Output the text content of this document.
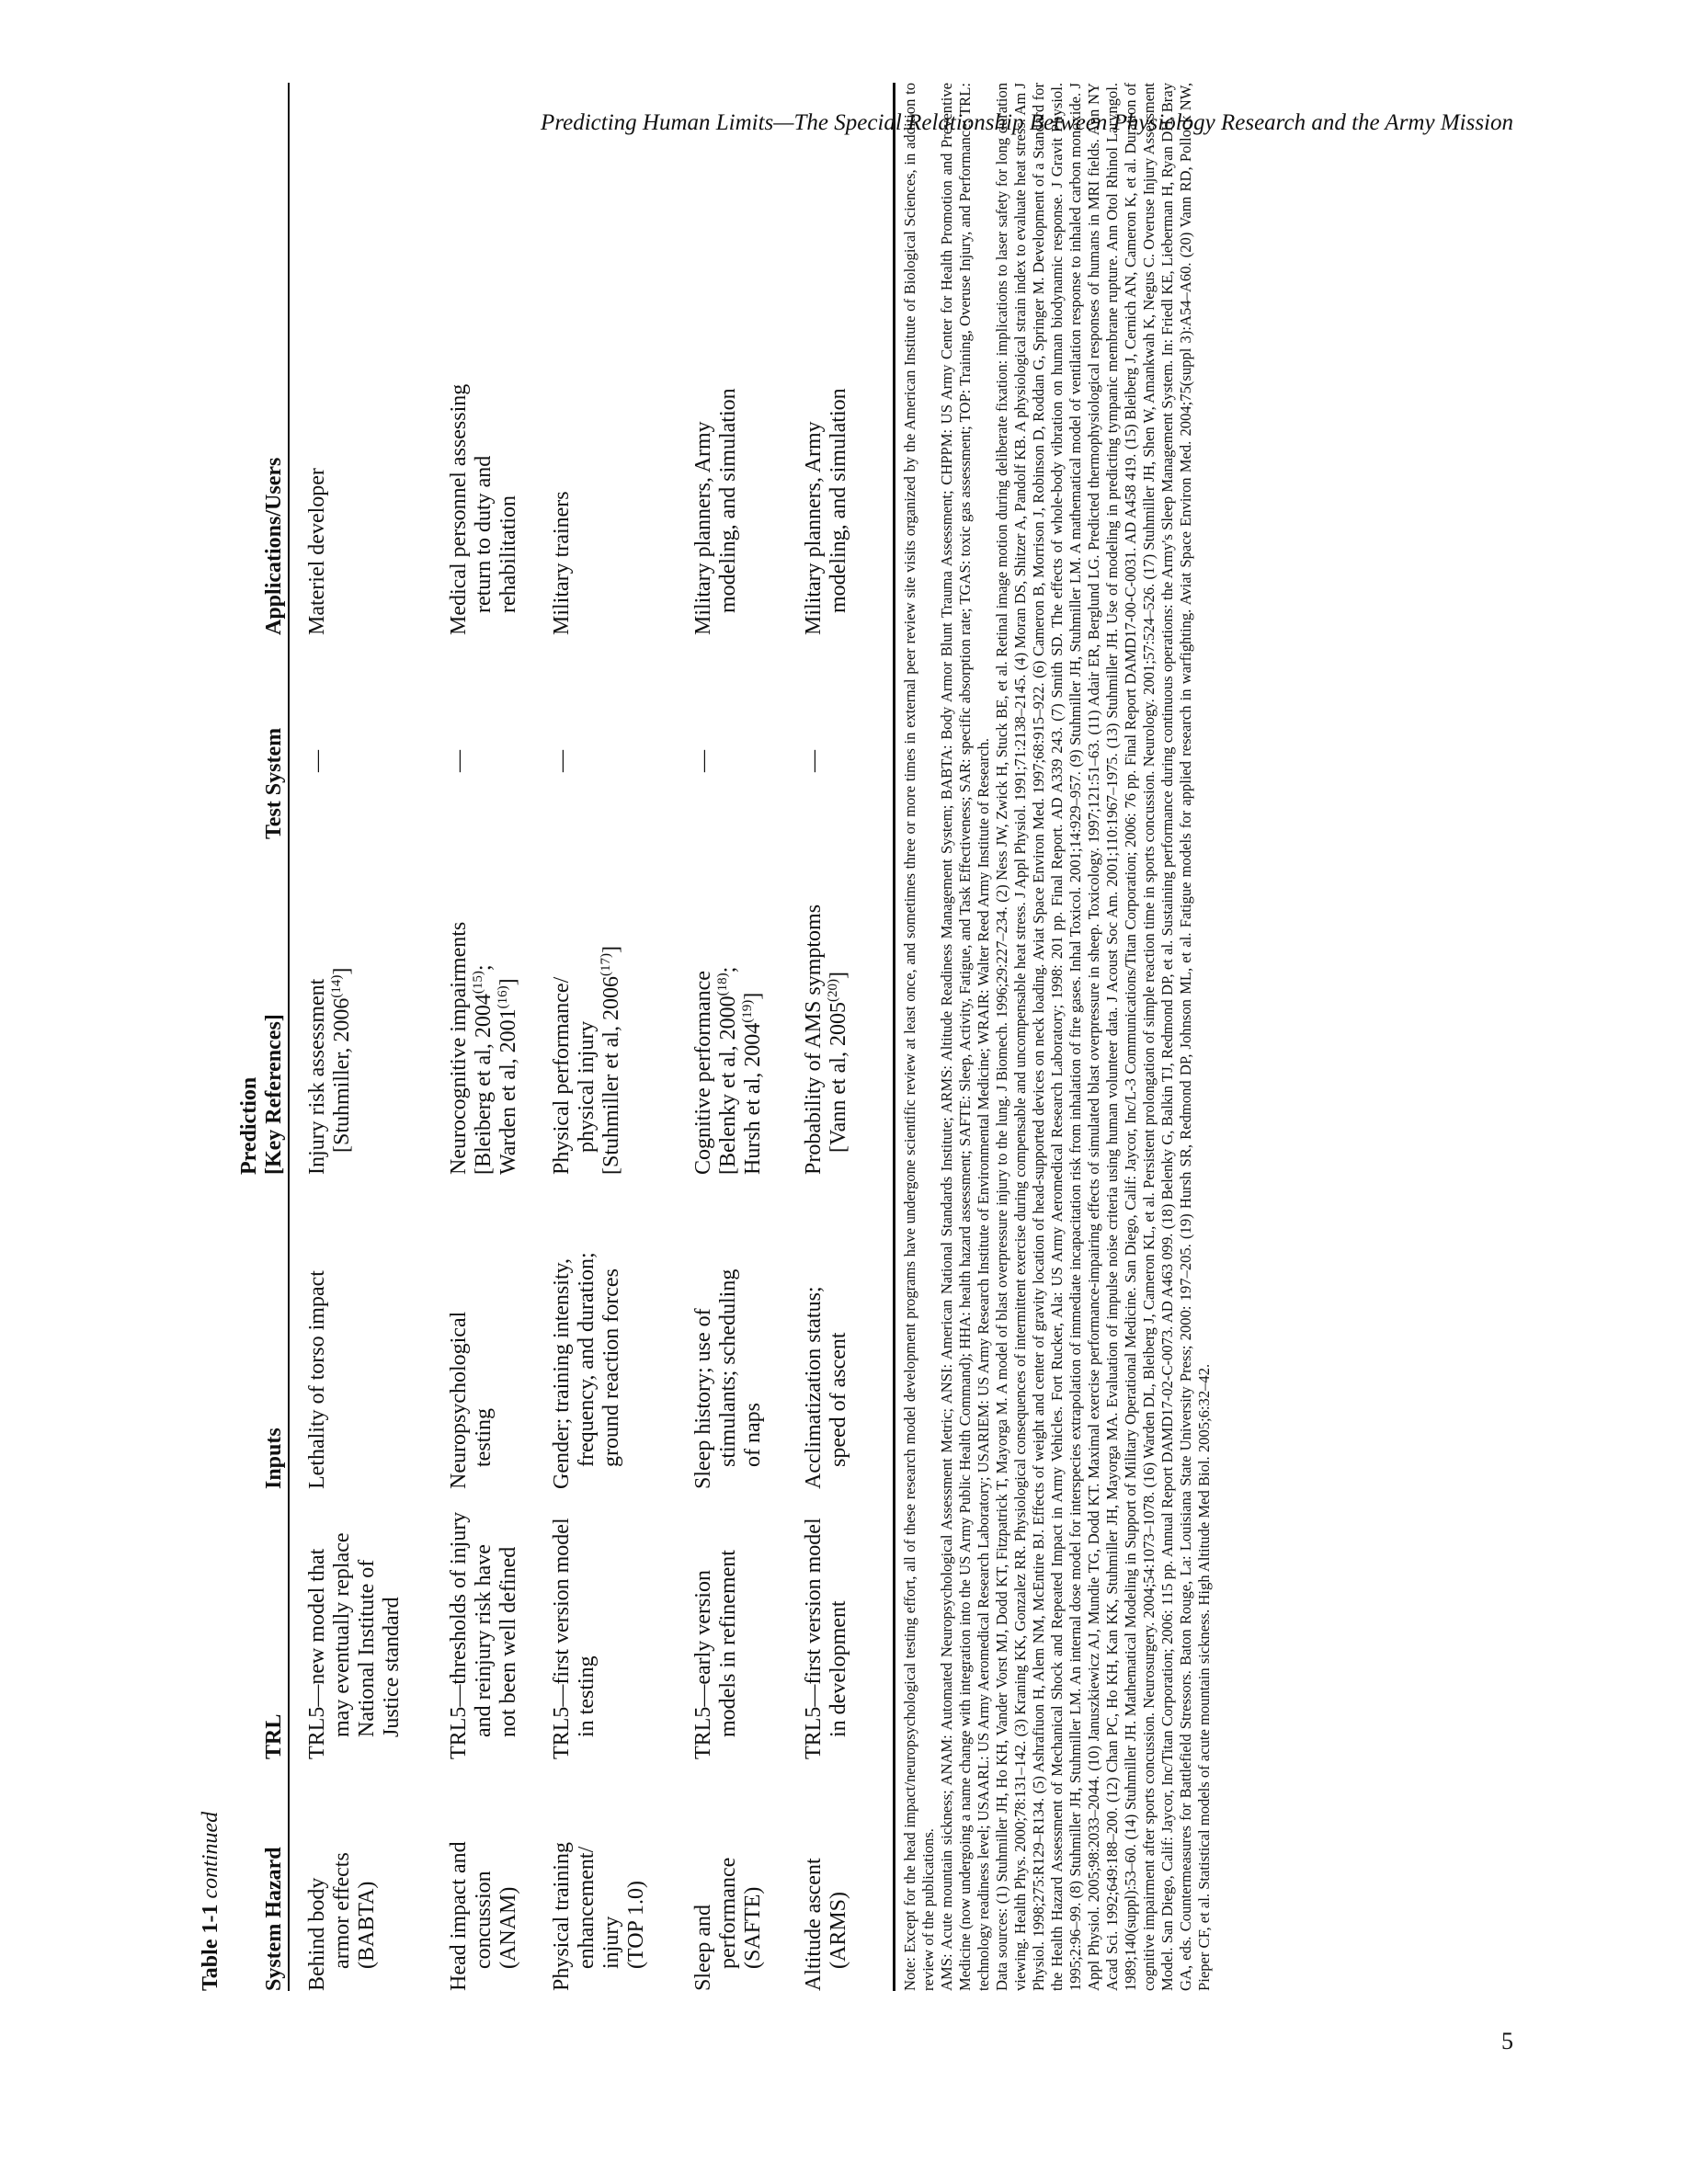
Predicting Human Limits—The Special Relationship Between Physiology Research and the Army Mission
Table 1-1 continued System Hazard
TRL
Inputs
Prediction [Key References]
Test System
Applications/Users
Behind body armor effects (BABTA)
TRL5—new model that may eventually replace National Institute of Justice standard
Lethality of torso impact
Injury risk assessment [Stuhmiller, 2006$^{(14)}$]
—
Materiel developer
Head impact and concussion (ANAM)
TRL5—thresholds of injury and reinjury risk have not been well defined
Neuropsychological testing
Neurocognitive impairments [Bleiberg et al, 2004$^{(15)}$;
Warden et al, 2001$^{(16)}$]
—
Medical personnel assessing return to duty and rehabilitation
Physical training enhancement/ injury (TOP 1.0)
TRL5—first version model in testing
Gender; training intensity, frequency, and duration; ground reaction forces
Physical performance/ physical injury [Stuhmiller et al, 2006$^{(17)}$]
—
Military trainers
Sleep and performance (SAFTE)
TRL5—early version models in refinement
Sleep history; use of stimulants; scheduling of naps
Cognitive performance [Belenky et al, 2000$^{(18)}$;
Hursh et al, 2004$^{(19)}$]
—
Military planners, Army modeling, and simulation
Altitude ascent (ARMS)
TRL5—first version model in development
Acclimatization status; speed of ascent
Probability of AMS symptoms [Vann et al, 2005$^{(20)}$]
—
Military planners, Army modeling, and simulation	Note: Except for the head impact/neuropsychological testing effort, all of these research model development programs have undergone scientific review at least once, and sometimes three or more times in external peer review site visits organized by the American Institute of Biological Sciences, in addition to review of the publications. AMS: Acute mountain sickness; ANAM: Automated Neuropsychological Assessment Metric; ANSI: American National Standards Institute; ARMS: Altitude Readiness Management System; BABTA: Body Armor Blunt Trauma Assessment; CHPPM: US Army Center for Health Promotion and Preventive Medicine (now undergoing a name change with integration into the US Army Public Health Command); HHA: health hazard assessment; SAFTE: Sleep, Activity, Fatigue, and Task Effectiveness; SAR: specific absorption rate; TGAS: toxic gas assessment; TOP: Training, Overuse Injury, and Performance; TRL: technology readiness level; USAARL: US Army Aeromedical Research Laboratory; USARIEM: US Army Research Institute of Environmental Medicine; WRAIR: Walter Reed Army Institute of Research. Data sources: (1) Stuhmiller JH, Ho KH, Vander Vorst MJ, Dodd KT, Fitzpatrick T, Mayorga M. A model of blast overpressure injury to the lung. J Biomech. 1996;29:227–234. (2) Ness JW, Zwick H, Stuck BE, et al. Retinal image motion during deliberate fixation: implications to laser safety for long duration viewing. Health Phys. 2000;78:131–142. (3) Kraning KK, Gonzalez RR. Physiological consequences of intermittent exercise during compensable and uncompensable heat stress. J Appl Physiol. 1991;71:2138–2145. (4) Moran DS, Shitzer A, Pandolf KB. A physiological strain index to evaluate heat stress. Am J Physiol. 1998;275:R129–R134. (5) Ashrafiuon H, Alem NM, McEntire BJ. Effects of weight and center of gravity location of head-supported devices on neck loading. Aviat Space Environ Med. 1997;68:915–922. (6) Cameron B, Morrison J, Robinson D, Roddan G, Springer M. Development of a Standard for the Health Hazard Assessment of Mechanical Shock and Repeated Impact in Army Vehicles. Fort Rucker, Ala: US Army Aeromedical Research Laboratory; 1998: 201 pp. Final Report. AD A339 243. (7) Smith SD. The effects of whole-body vibration on human biodynamic response. J Gravit Physiol. 1995;2:96–99. (8) Stuhmiller JH, Stuhmiller LM. An internal dose model for interspecies extrapolation of immediate incapacitation risk from inhalation of fire gases. Inhal Toxicol. 2001;14:929–957. (9) Stuhmiller JH, Stuhmiller LM. A mathematical model of ventilation response to inhaled carbon monoxide. J Appl Physiol. 2005;98:2033–2044. (10) Januszkiewicz AJ, Mundie TG, Dodd KT. Maximal exercise performance-impairing effects of simulated blast overpressure in sheep. Toxicology. 1997;121:51–63. (11) Adair ER, Berglund LG. Predicted thermophysiological responses of humans in MRI fields. Ann NY Acad Sci. 1992;649:188–200. (12) Chan PC, Ho KH, Kan KK, Stuhmiller JH, Mayorga MA. Evaluation of impulse noise criteria using human volunteer data. J Acoust Soc Am. 2001;110:1967–1975. (13) Stuhmiller JH. Use of modeling in predicting tympanic membrane rupture. Ann Otol Rhinol Laryngol. 1989;140(suppl):53–60. (14) Stuhmiller JH. Mathematical Modeling in Support of Military Operational Medicine. San Diego, Calif: Jaycor, Inc/L-3 Communications/Titan Corporation; 2006: 76 pp. Final Report DAMD17-00-C-0031. AD A458 419. (15) Bleiberg J, Cernich AN, Cameron K, et al. Duration of cognitive impairment after sports concussion. Neurosurgery. 2004;54:1073–1078. (16) Warden DL, Bleiberg J, Cameron KL, et al. Persistent prolongation of simple reaction time in sports concussion. Neurology. 2001;57:524–526. (17) Stuhmiller JH, Shen W, Amankwah K, Negus C. Overuse Injury Assessment Model. San Diego, Calif: Jaycor, Inc/Titan Corporation; 2006: 115 pp. Annual Report DAMD17-02-C-0073. AD A463 099. (18) Belenky G, Balkin TJ, Redmond DP, et al. Sustaining performance during continuous operations: the Army's Sleep Management System. In: Friedl KE, Lieberman H, Ryan DH, Bray GA, eds. Countermeasures for Battlefield Stressors. Baton Rouge, La: Louisiana State University Press; 2000: 197–205. (19) Hursh SR, Redmond DP, Johnson ML, et al. Fatigue models for applied research in warfighting. Aviat Space Environ Med. 2004;75(suppl 3):A54–A60. (20) Vann RD, Pollock NW, Pieper CF, et al. Statistical models of acute mountain sickness. High Altitude Med Biol. 2005;6:32–42.

5
